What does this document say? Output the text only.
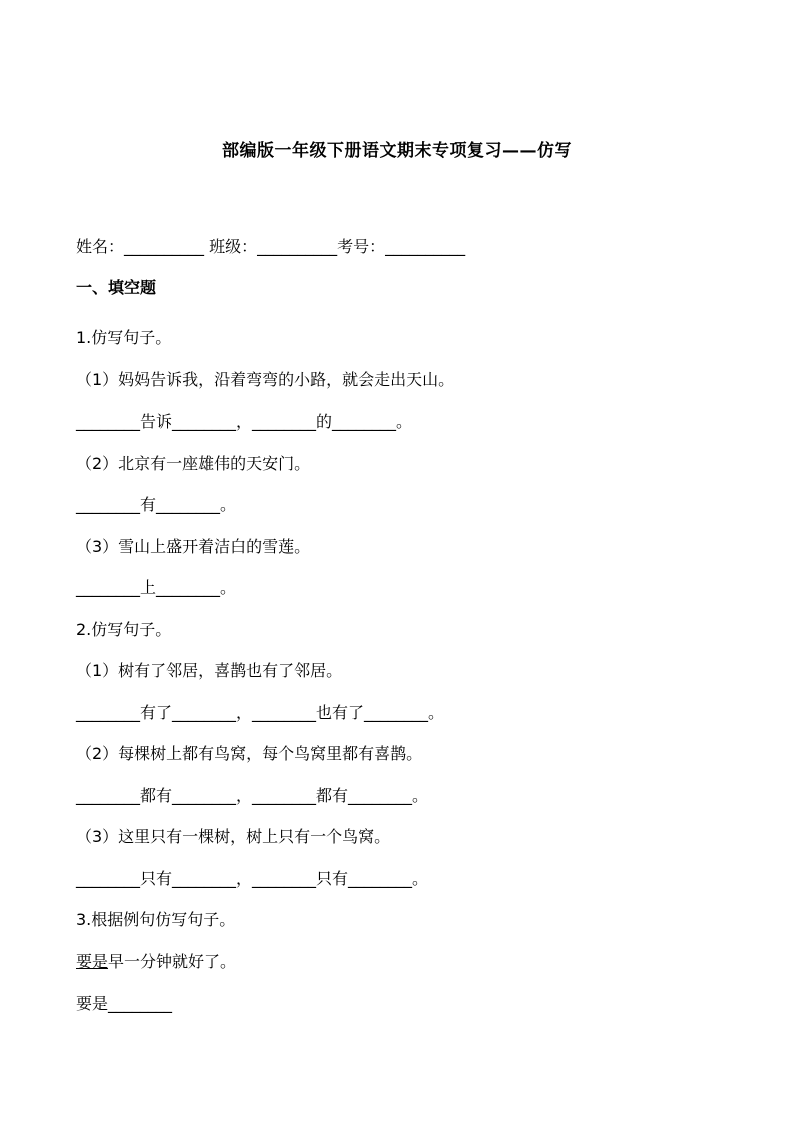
部编版一年级下册语文期末专项复习——仿写
姓名：__________ 班级：__________考号：__________
一、填空题
1.仿写句子。
（1）妈妈告诉我，沿着弯弯的小路，就会走出天山。
________告诉________，________的________。
（2）北京有一座雄伟的天安门。
________有________。
（3）雪山上盛开着洁白的雪莲。
________上________。
2.仿写句子。
（1）树有了邻居，喜鹊也有了邻居。
________有了________，________也有了________。
（2）每棵树上都有鸟窝，每个鸟窝里都有喜鹊。
________都有________，________都有________。
（3）这里只有一棵树，树上只有一个鸟窝。
________只有________，________只有________。
3.根据例句仿写句子。
要是早一分钟就好了。
要是________
